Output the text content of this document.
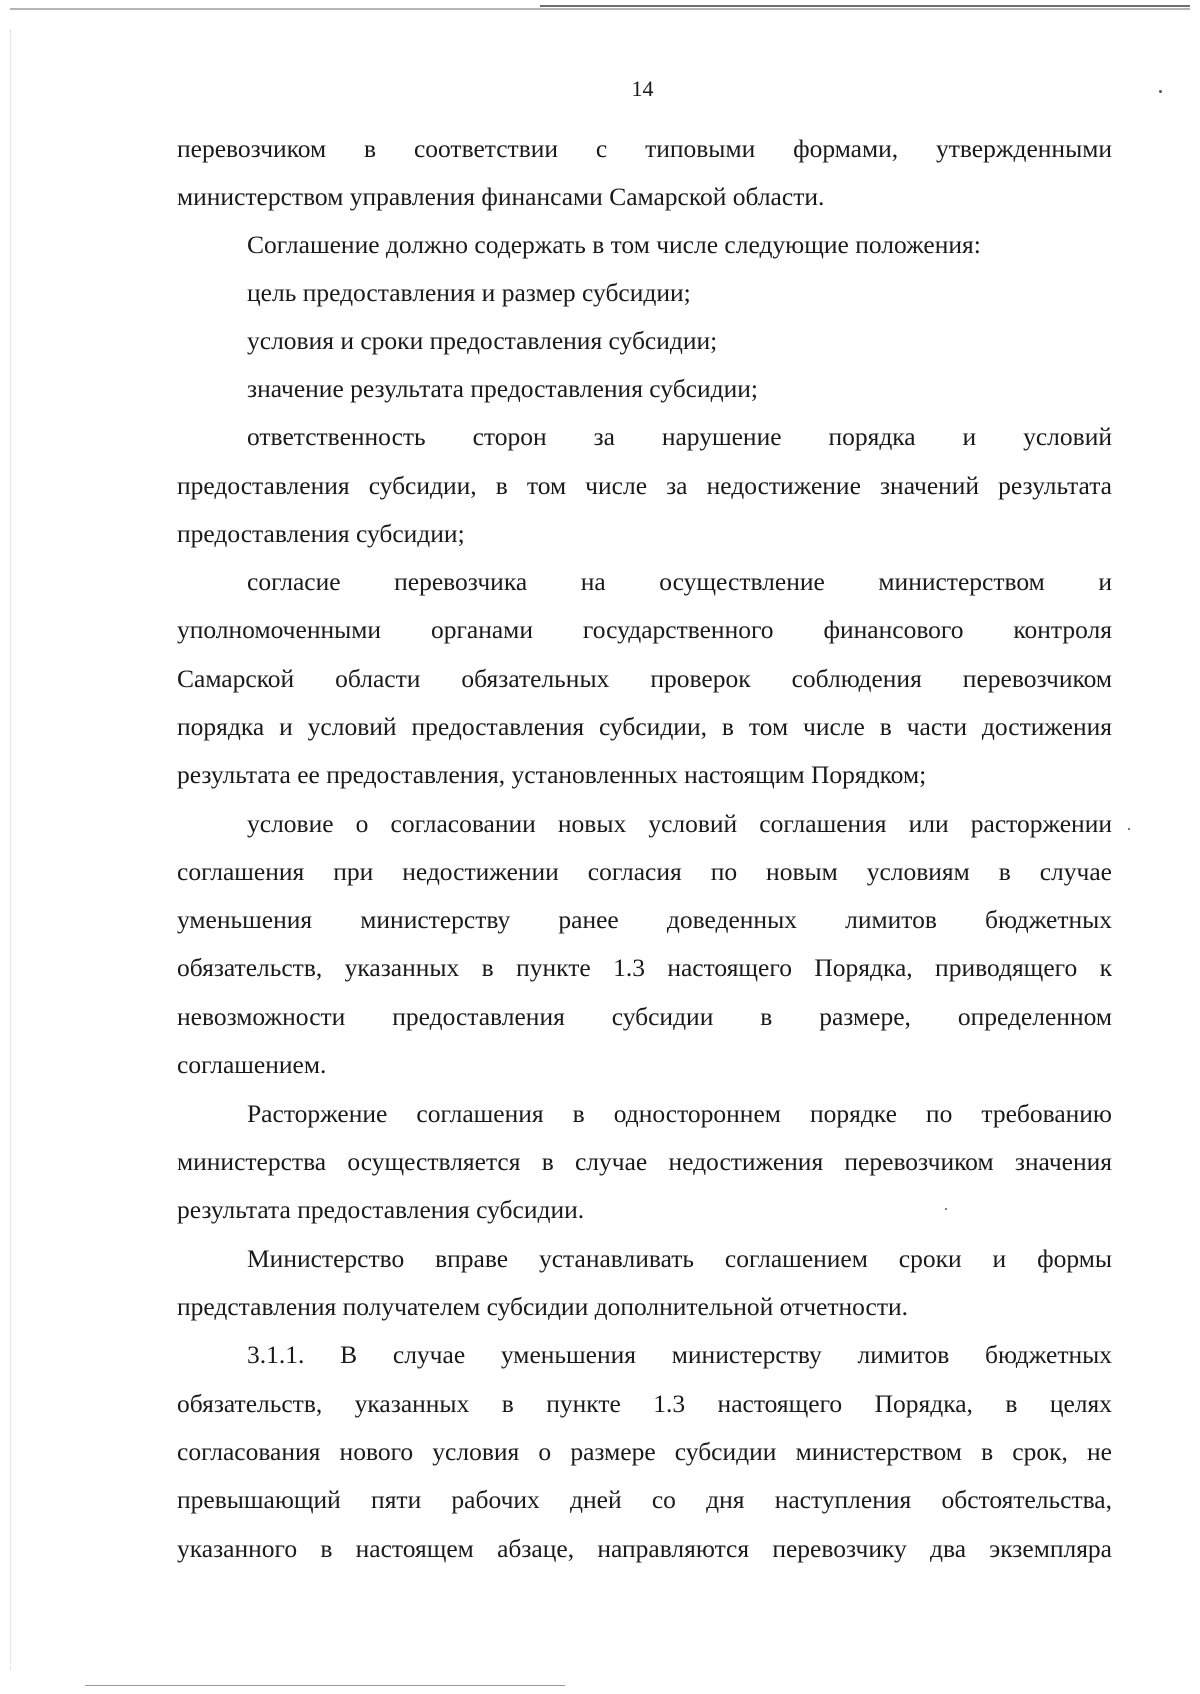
14
перевозчиком в соответствии с типовыми формами, утвержденными
министерством управления финансами Самарской области.
Соглашение должно содержать в том числе следующие положения:
цель предоставления и размер субсидии;
условия и сроки предоставления субсидии;
значение результата предоставления субсидии;
ответственность сторон за нарушение порядка и условий
предоставления субсидии, в том числе за недостижение значений результата
предоставления субсидии;
согласие перевозчика на осуществление министерством и
уполномоченными органами государственного финансового контроля
Самарской области обязательных проверок соблюдения перевозчиком
порядка и условий предоставления субсидии, в том числе в части достижения
результата ее предоставления, установленных настоящим Порядком;
условие о согласовании новых условий соглашения или расторжении
соглашения при недостижении согласия по новым условиям в случае
уменьшения министерству ранее доведенных лимитов бюджетных
обязательств, указанных в пункте 1.3 настоящего Порядка, приводящего к
невозможности предоставления субсидии в размере, определенном
соглашением.
Расторжение соглашения в одностороннем порядке по требованию
министерства осуществляется в случае недостижения перевозчиком значения
результата предоставления субсидии.
Министерство вправе устанавливать соглашением сроки и формы
представления получателем субсидии дополнительной отчетности.
3.1.1. В случае уменьшения министерству лимитов бюджетных
обязательств, указанных в пункте 1.3 настоящего Порядка, в целях
согласования нового условия о размере субсидии министерством в срок, не
превышающий пяти рабочих дней со дня наступления обстоятельства,
указанного в настоящем абзаце, направляются перевозчику два экземпляра
